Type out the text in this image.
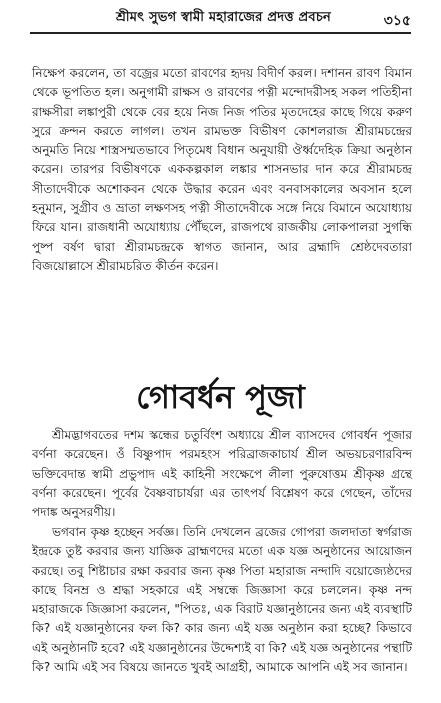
শ্রীমৎ সুভগ স্বামী মহারাজের প্রদত্ত প্রবচন	৩১৫

নিক্ষেপ করলেন, তা বজ্রের মতো রাবণের হৃদয় বিদীর্ণ করল। দশানন রাবণ বিমান থেকে ভূপতিত হল। অনুগামী রাক্ষস ও রাবণের পত্নী মন্দোদরীসহ সকল পতিহীনা রাক্ষসীরা লঙ্কাপুরী থেকে বের হয়ে নিজ নিজ পতির মৃতদেহের কাছে গিয়ে করুণ সুরে ক্রন্দন করতে লাগল। তখন রামভক্ত বিভীষণ কোশলরাজ শ্রীরামচন্দ্রের অনুমতি নিয়ে শাস্ত্রসম্মতভাবে পিতৃমেধ বিধান অনুযায়ী ঔর্ধ্বদেহিক ক্রিয়া অনুষ্ঠান করেন। তারপর বিভীষণকে এককল্পকাল লঙ্কার শাসনভার দান করে শ্রীরামচন্দ্র সীতাদেবীকে অশোকবন থেকে উদ্ধার করেন এবং বনবাসকালের অবসান হলে হনুমান, সুগ্রীব ও ভ্রাতা লক্ষণসহ পত্নী সীতাদেবীকে সঙ্গে নিয়ে বিমানে অযোধ্যায় ফিরে যান। রাজধানী অযোধ্যায় পৌঁছলে, রাজপথে রাজকীয় লোকপালরা সুগন্ধি পুষ্প বর্ষণ দ্বারা শ্রীরামচন্দ্রকে স্বাগত জানান, আর ব্রহ্মাদি শ্রেষ্ঠদেবতারা বিজয়োল্লাসে শ্রীরামচরিত কীর্তন করেন।

গোবর্ধন পূজা

শ্রীমদ্ভাগবতের দশম স্কন্ধের চতুর্বিংশ অধ্যায়ে শ্রীল ব্যাসদেব গোবর্ধন পূজার বর্ণনা করেছেন। ওঁ বিষ্ণুপাদ পরমহংস পরিব্রাজকাচার্য শ্রীল অভয়চরণারবিন্দ ভক্তিবেদান্ত স্বামী প্রভুপাদ এই কাহিনী সংক্ষেপে লীলা পুরুষোত্তম শ্রীকৃষ্ণ গ্রন্থে বর্ণনা করেছেন। পূর্বের বৈষ্ণবাচার্যরা এর তাৎপর্য বিশ্লেষণ করে গেছেন, তাঁদের পদাঙ্ক অনুসরণীয়।

ভগবান কৃষ্ণ হচ্ছেন সর্বজ্ঞ। তিনি দেখলেন ব্রজের গোপরা জলদাতা স্বর্গরাজ ইন্দ্রকে তুষ্ট করবার জন্য যাজ্ঞিক ব্রাহ্মণদের মতো এক যজ্ঞ অনুষ্ঠানের আয়োজন করছে। তবু শিষ্টাচার রক্ষা করবার জন্য কৃষ্ণ পিতা মহারাজ নন্দাদি বয়োজ্যেষ্ঠদের কাছে বিনম্র ও শ্রদ্ধা সহকারে এই সম্বন্ধে জিজ্ঞাসা করে চললেন। কৃষ্ণ নন্দ মহারাজকে জিজ্ঞাসা করলেন, "পিতঃ, এক বিরাট যজ্ঞানুষ্ঠানের জন্য এই ব্যবস্থাটি কি? এই যজ্ঞানুষ্ঠানের ফল কি? কার জন্য এই যজ্ঞ অনুষ্ঠান করা হচ্ছে? কিভাবে এই অনুষ্ঠানটি হবে? এই যজ্ঞানুষ্ঠানের উদ্দেশ্যই বা কি? এই যজ্ঞ অনুষ্ঠানের পন্থাটি কি? আমি এই সব বিষয়ে জানতে খুবই আগ্রহী, আমাকে আপনি এই সব জানান।
